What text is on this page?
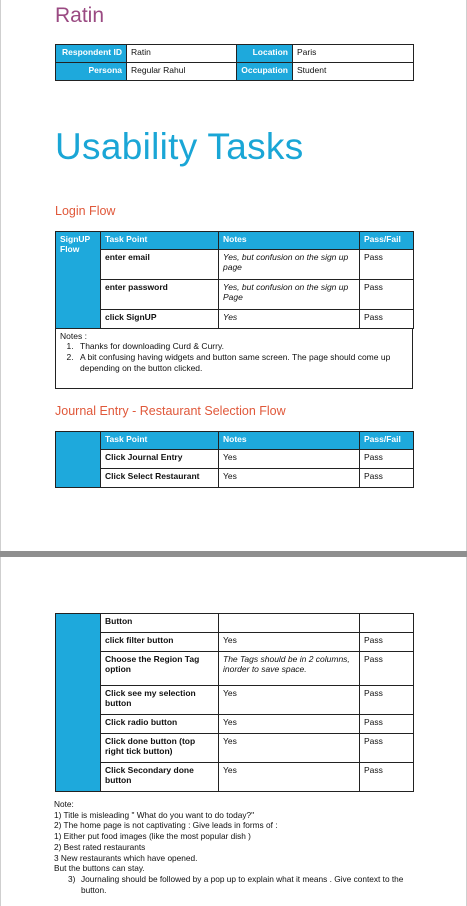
Ratin
Respondent ID	Ratin	Location	Paris
Persona	Regular Rahul	Occupation	Student
Usability Tasks
Login Flow
SignUP Flow	Task Point	Notes	Pass/Fail
	enter email	Yes, but confusion on the sign up page	Pass
	enter password	Yes, but confusion on the sign up Page	Pass
	click SignUP	Yes	Pass
Notes :
1. Thanks for downloading Curd & Curry.
2. A bit confusing having widgets and button same screen. The page should come up depending on the button clicked.
Journal Entry - Restaurant Selection Flow
	Task Point	Notes	Pass/Fail
	Click Journal Entry	Yes	Pass
	Click Select Restaurant	Yes	Pass
	Button		
	click filter button	Yes	Pass
	Choose the Region Tag option	The Tags should be in 2 columns, inorder to save space.	Pass
	Click see my selection button	Yes	Pass
	Click radio button	Yes	Pass
	Click done button (top right tick button)	Yes	Pass
	Click Secondary done button	Yes	Pass
Note:
1) Title is misleading " What do you want to do today?"
2) The home page is not captivating : Give leads in forms of :
1) Either put food images (like the most popular dish )
2) Best rated restaurants
3 New restaurants which have opened.
But the buttons can stay.
3) Journaling should be followed by a pop up to explain what it means . Give context to the button.
